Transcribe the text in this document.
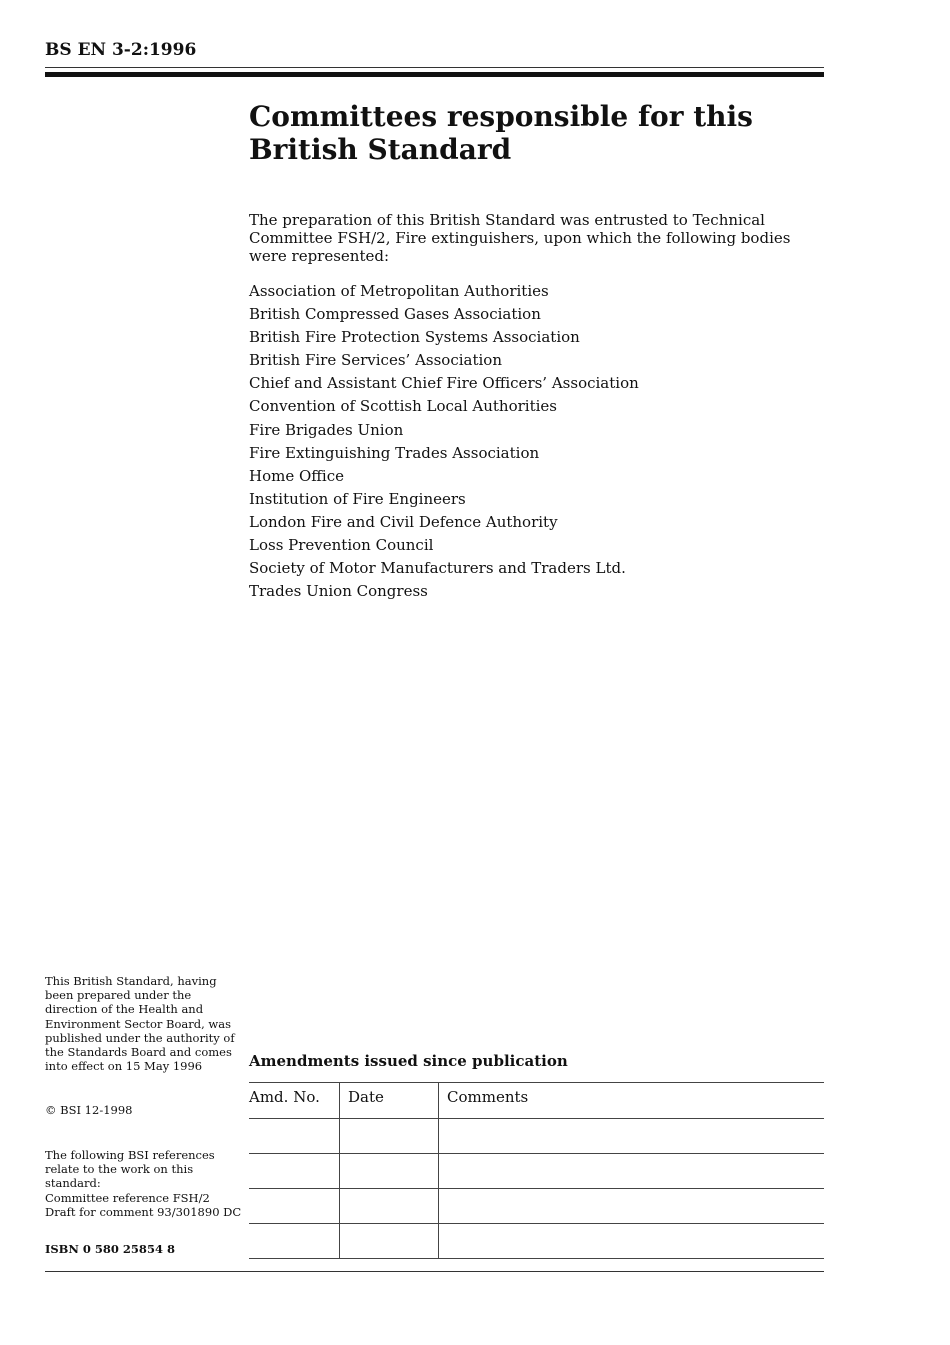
BS EN 3-2:1996
Committees responsible for this British Standard

The preparation of this British Standard was entrusted to Technical Committee FSH/2, Fire extinguishers, upon which the following bodies were represented:

Association of Metropolitan Authorities
British Compressed Gases Association
British Fire Protection Systems Association
British Fire Services’ Association
Chief and Assistant Chief Fire Officers’ Association
Convention of Scottish Local Authorities
Fire Brigades Union
Fire Extinguishing Trades Association
Home Office
Institution of Fire Engineers
London Fire and Civil Defence Authority
Loss Prevention Council
Society of Motor Manufacturers and Traders Ltd.
Trades Union Congress

This British Standard, having been prepared under the direction of the Health and Environment Sector Board, was published under the authority of the Standards Board and comes into effect on 15 May 1996

© BSI 12-1998

The following BSI references relate to the work on this standard:

Committee reference FSH/2

Draft for comment 93/301890 DC

ISBN 0 580 25854 8
Amendments issued since publication
Amd. No.	Date	Comments
